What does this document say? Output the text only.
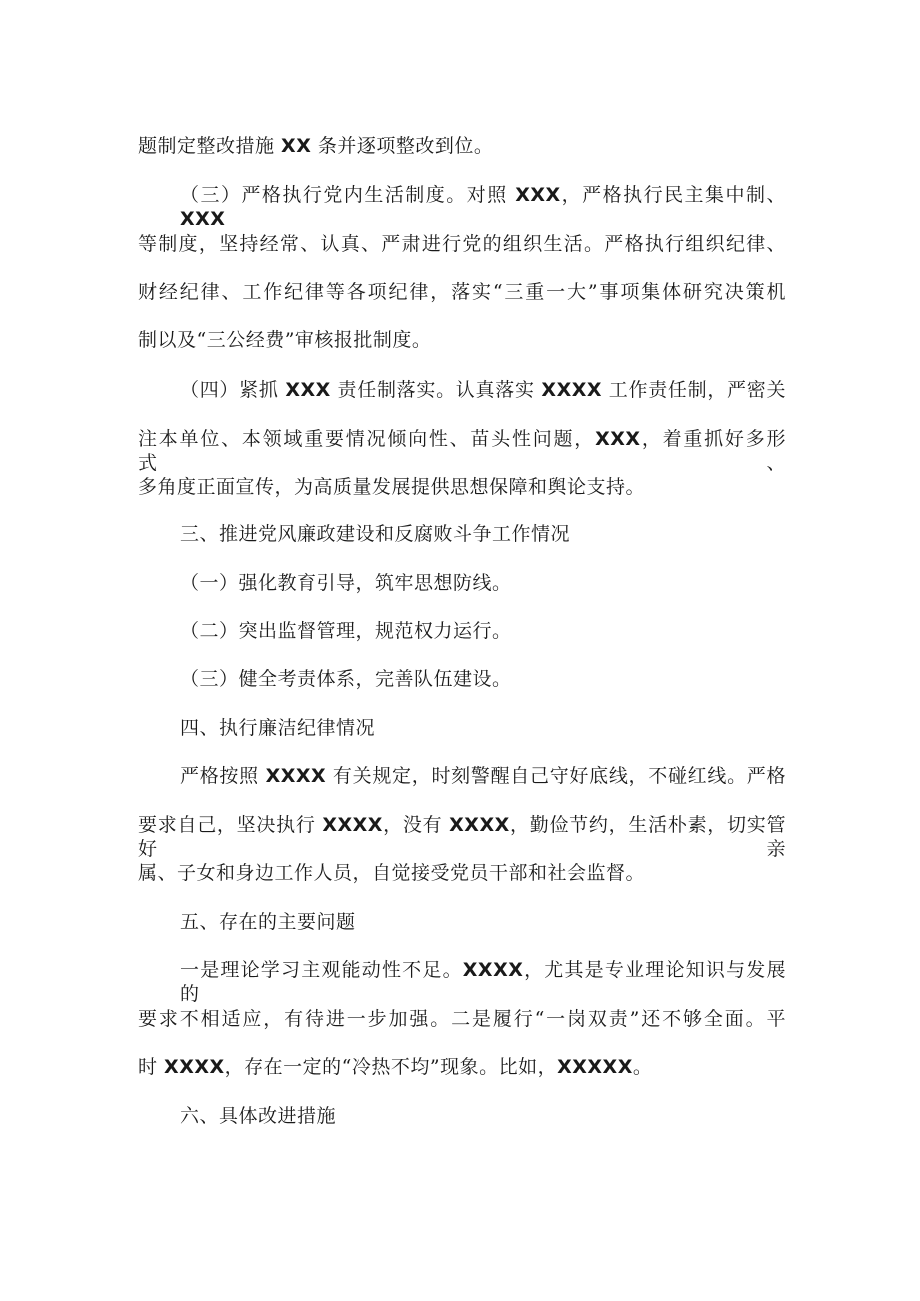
题制定整改措施 XX 条并逐项整改到位。
（三）严格执行党内生活制度。对照 XXX，严格执行民主集中制、XXX
等制度，坚持经常、认真、严肃进行党的组织生活。严格执行组织纪律、
财经纪律、工作纪律等各项纪律，落实“三重一大”事项集体研究决策机
制以及“三公经费”审核报批制度。
（四）紧抓 XXX 责任制落实。认真落实 XXXX 工作责任制，严密关
注本单位、本领域重要情况倾向性、苗头性问题，XXX，着重抓好多形式、
多角度正面宣传，为高质量发展提供思想保障和舆论支持。
三、推进党风廉政建设和反腐败斗争工作情况
（一）强化教育引导，筑牢思想防线。
（二）突出监督管理，规范权力运行。
（三）健全考责体系，完善队伍建设。
四、执行廉洁纪律情况
严格按照 XXXX 有关规定，时刻警醒自己守好底线，不碰红线。严格
要求自己，坚决执行 XXXX，没有 XXXX，勤俭节约，生活朴素，切实管好亲
属、子女和身边工作人员，自觉接受党员干部和社会监督。
五、存在的主要问题
一是理论学习主观能动性不足。XXXX，尤其是专业理论知识与发展的
要求不相适应，有待进一步加强。二是履行“一岗双责”还不够全面。平
时 XXXX，存在一定的“冷热不均”现象。比如，XXXXX。
六、具体改进措施
